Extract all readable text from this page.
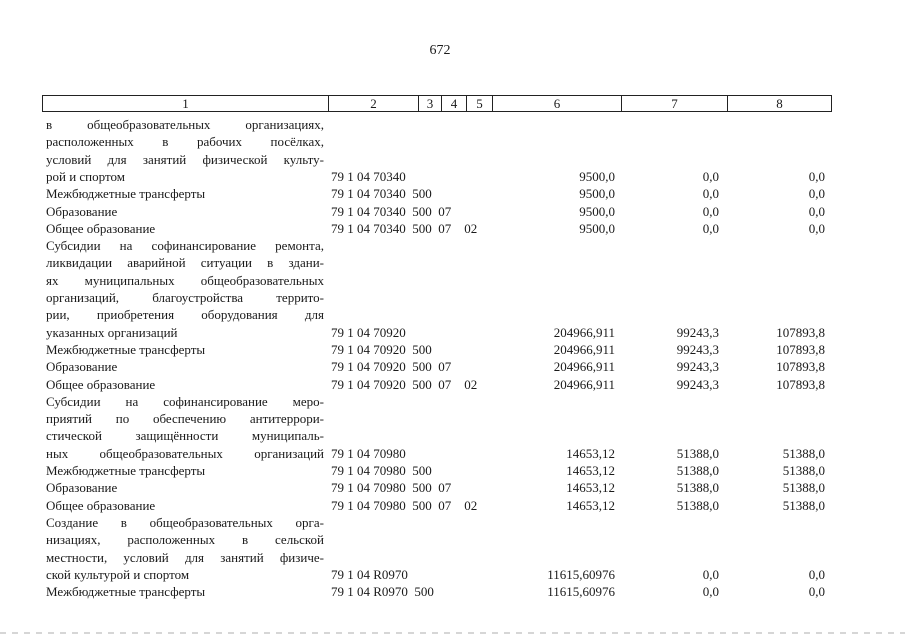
672
1	2	3	4	5	6	7	8
в общеобразовательных организациях,
расположенных в рабочих посёлках,
условий для занятий физической культу-
рой и спортом	79 1 04 70340	9500,0	0,0	0,0
Межбюджетные трансферты	79 1 04 70340  500	9500,0	0,0	0,0
Образование	79 1 04 70340  500  07	9500,0	0,0	0,0
Общее образование	79 1 04 70340  500  07    02	9500,0	0,0	0,0
Субсидии на софинансирование ремонта,
ликвидации аварийной ситуации в здани-
ях муниципальных общеобразовательных
организаций, благоустройства террито-
рии, приобретения оборудования для
указанных организаций	79 1 04 70920	204966,911	99243,3	107893,8
Межбюджетные трансферты	79 1 04 70920  500	204966,911	99243,3	107893,8
Образование	79 1 04 70920  500  07	204966,911	99243,3	107893,8
Общее образование	79 1 04 70920  500  07    02	204966,911	99243,3	107893,8
Субсидии на софинансирование меро-
приятий по обеспечению антитеррори-
стической защищённости муниципаль-
ных общеобразовательных организаций 79 1 04 70980	14653,12	51388,0	51388,0
Межбюджетные трансферты	79 1 04 70980  500	14653,12	51388,0	51388,0
Образование	79 1 04 70980  500  07	14653,12	51388,0	51388,0
Общее образование	79 1 04 70980  500  07    02	14653,12	51388,0	51388,0
Создание в общеобразовательных орга-
низациях, расположенных в сельской
местности, условий для занятий физиче-
ской культурой и спортом	79 1 04 R0970	11615,60976	0,0	0,0
Межбюджетные трансферты	79 1 04 R0970  500	11615,60976	0,0	0,0
